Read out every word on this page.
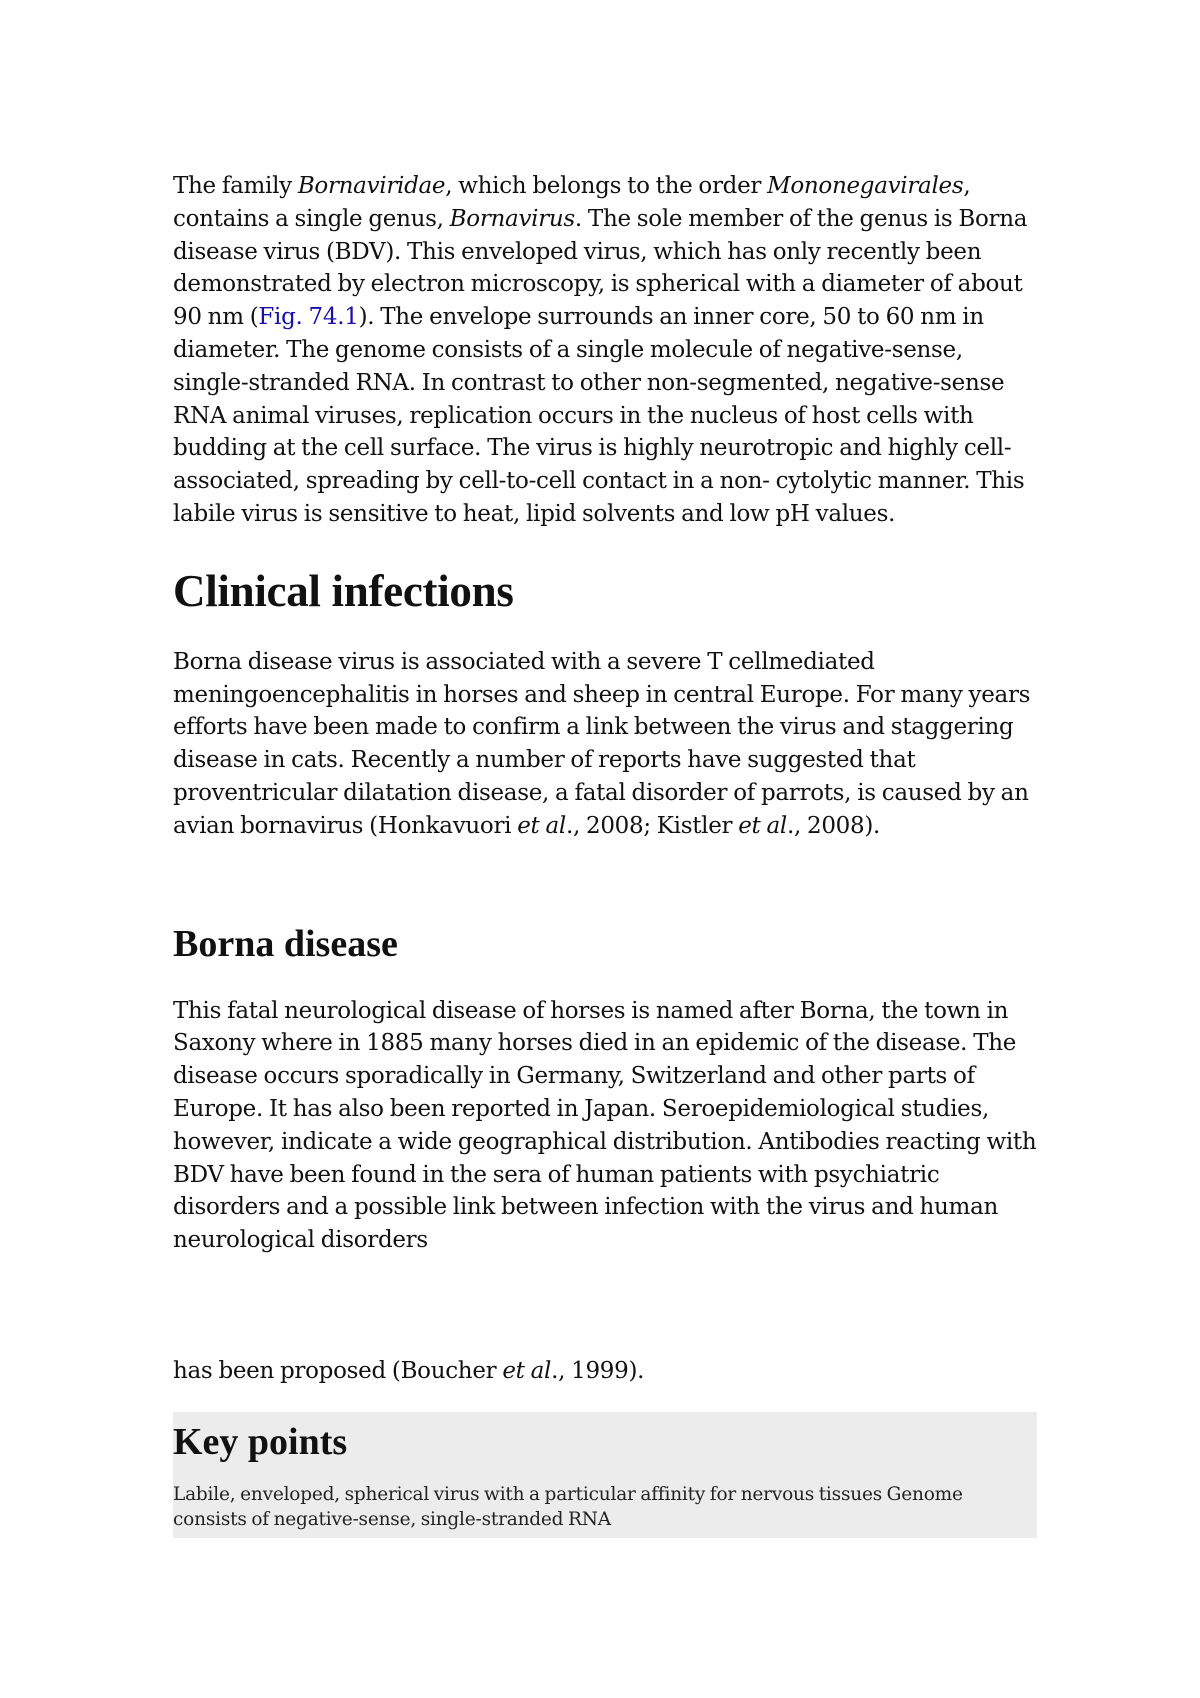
The family Bornaviridae, which belongs to the order Mononegavirales, contains a single genus, Bornavirus. The sole member of the genus is Borna disease virus (BDV). This enveloped virus, which has only recently been demonstrated by electron microscopy, is spherical with a diameter of about 90 nm (Fig. 74.1). The envelope surrounds an inner core, 50 to 60 nm in diameter. The genome consists of a single molecule of negative-sense, single-stranded RNA. In contrast to other non-segmented, negative-sense RNA animal viruses, replication occurs in the nucleus of host cells with budding at the cell surface. The virus is highly neurotropic and highly cell-associated, spreading by cell-to-cell contact in a non- cytolytic manner. This labile virus is sensitive to heat, lipid solvents and low pH values.

Clinical infections

Borna disease virus is associated with a severe T cellmediated meningoencephalitis in horses and sheep in central Europe. For many years efforts have been made to confirm a link between the virus and staggering disease in cats. Recently a number of reports have suggested that proventricular dilatation disease, a fatal disorder of parrots, is caused by an avian bornavirus (Honkavuori et al., 2008; Kistler et al., 2008).

Borna disease

This fatal neurological disease of horses is named after Borna, the town in Saxony where in 1885 many horses died in an epidemic of the disease. The disease occurs sporadically in Germany, Switzerland and other parts of Europe. It has also been reported in Japan. Seroepidemiological studies, however, indicate a wide geographical distribution. Antibodies reacting with BDV have been found in the sera of human patients with psychiatric disorders and a possible link between infection with the virus and human neurological disorders

has been proposed (Boucher et al., 1999).

Key points

Labile, enveloped, spherical virus with a particular affinity for nervous tissues Genome consists of negative-sense, single-stranded RNA
